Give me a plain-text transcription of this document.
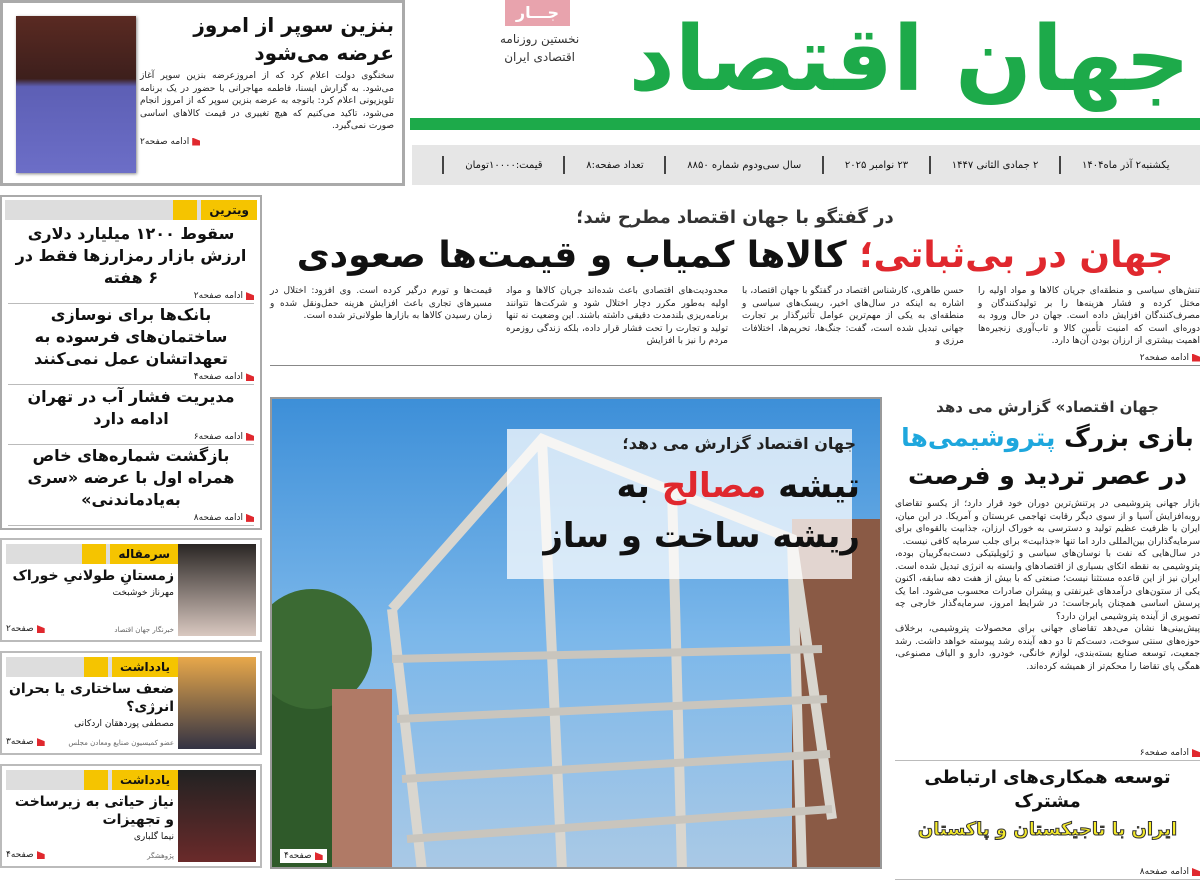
جهان اقتصاد
جـــار
نخستین روزنامه
اقتصادی ایران
یکشنبه۲ آذر ماه۱۴۰۴
۲ جمادی الثانی ۱۴۴۷
۲۳ نوامبر ۲۰۲۵
سال سی‌ودوم شماره ۸۸۵۰
تعداد صفحه:۸
قیمت:۱۰۰۰۰تومان
بنزین سوپر از امروز عرضه می‌شود
سخنگوی دولت اعلام کرد که از امروزعرضه بنزین سوپر آغاز می‌شود. به گزارش ایسنا، فاطمه مهاجرانی با حضور در یک برنامه تلویزیونی اعلام کرد: باتوجه به عرضه بنزین سوپر که از امروز انجام می‌شود، تاکید می‌کنیم که هیچ تغییری در قیمت کالاهای اساسی صورت نمی‌گیرد.
ادامه صفحه۲
ویترین
سقوط ۱۲۰۰ میلیارد دلاری ارزش بازار رمزارزها فقط در ۶ هفته
ادامه صفحه۲
بانک‌ها برای نوسازی ساختمان‌های فرسوده به تعهداتشان عمل نمی‌کنند
ادامه صفحه۴
مدیریت فشار آب در تهران ادامه دارد
ادامه صفحه۶
بازگشت شماره‌های خاص همراه اول با عرضه «سری به‌یادماندنی»
ادامه صفحه۸
سرمقاله
زمستانِ طولانیِ خوراک
مهرناز خوشبخت
خبرنگار جهان اقتصاد
صفحه۲
یادداشت
ضعف ساختاری یا بحران انرژی؟
مصطفی پوردهقان اردکانی
عضو کمیسیون صنایع ومعادن مجلس
صفحه۳
یادداشت
نیاز حیاتی به زیرساخت و تجهیزات
نیما گلباری
پژوهشگر
صفحه۴
در گفتگو با جهان اقتصاد مطرح شد؛
جهان در بی‌ثباتی؛ کالاها کمیاب و قیمت‌ها صعودی
تنش‌های سیاسی و منطقه‌ای جریان کالاها و مواد اولیه را مختل کرده و فشار هزینه‌ها را بر تولیدکنندگان و مصرف‌کنندگان افزایش داده است. جهان در حال ورود به دوره‌ای است که امنیت تأمین کالا و تاب‌آوری زنجیره‌ها اهمیت بیشتری از ارزان بودن آن‌ها دارد.
حسن طاهری، کارشناس اقتصاد در گفتگو با جهان اقتصاد، با اشاره به اینکه در سال‌های اخیر، ریسک‌های سیاسی و منطقه‌ای به یکی از مهم‌ترین عوامل تأثیرگذار بر تجارت جهانی تبدیل شده است، گفت: جنگ‌ها، تحریم‌ها، اختلافات مرزی و
محدودیت‌های اقتصادی باعث شده‌اند جریان کالاها و مواد اولیه به‌طور مکرر دچار اختلال شود و شرکت‌ها نتوانند برنامه‌ریزی بلندمدت دقیقی داشته باشند. این وضعیت نه تنها تولید و تجارت را تحت فشار قرار داده، بلکه زندگی روزمره مردم را نیز با افزایش
قیمت‌ها و تورم درگیر کرده است. وی افزود: اختلال در مسیرهای تجاری باعث افزایش هزینه حمل‌ونقل شده و زمان رسیدن کالاها به بازارها طولانی‌تر شده است.
ادامه صفحه۲
جهان اقتصاد گزارش می دهد؛
تیشه مصالح به ریشه ساخت و ساز
صفحه۴
جهان اقتصاد» گزارش می دهد
بازی بزرگ پتروشیمی‌ها
در عصر تردید و فرصت

بازار جهانی پتروشیمی در پرتنش‌ترین دوران خود قرار دارد؛ از یکسو تقاضای روبه‌افزایش آسیا و از سوی دیگر رقابت تهاجمی عربستان و آمریکا. در این میان، ایران با ظرفیت عظیم تولید و دسترسی به خوراک ارزان، جذابیت بالقوه‌ای برای سرمایه‌گذاران بین‌المللی دارد اما تنها «جذابیت» برای جلب سرمایه کافی نیست.

در سال‌هایی که نفت با نوسان‌های سیاسی و ژئوپلیتیکی دست‌به‌گریبان بوده، پتروشیمی به نقطه اتکای بسیاری از اقتصادهای وابسته به انرژی تبدیل شده است. ایران نیز از این قاعده مستثنا نیست؛ صنعتی که با بیش از هفت دهه سابقه، اکنون یکی از ستون‌های درآمدهای غیرنفتی و پیشران صادرات محسوب می‌شود. اما یک پرسش اساسی همچنان پابرجاست: در شرایط امروز، سرمایه‌گذار خارجی چه تصویری از آینده پتروشیمی ایران دارد؟

پیش‌بینی‌ها نشان می‌دهد تقاضای جهانی برای محصولات پتروشیمی، برخلاف حوزه‌های سنتی سوخت، دست‌کم تا دو دهه آینده رشد پیوسته خواهد داشت. رشد جمعیت، توسعه صنایع بسته‌بندی، لوازم خانگی، خودرو، دارو و الیاف مصنوعی، همگی پای تقاضا را محکم‌تر از همیشه کرده‌اند.

ادامه صفحه۶
توسعه همکاری‌های ارتباطی مشترک
ایران با تاجیکستان و پاکستان
ادامه صفحه۸
